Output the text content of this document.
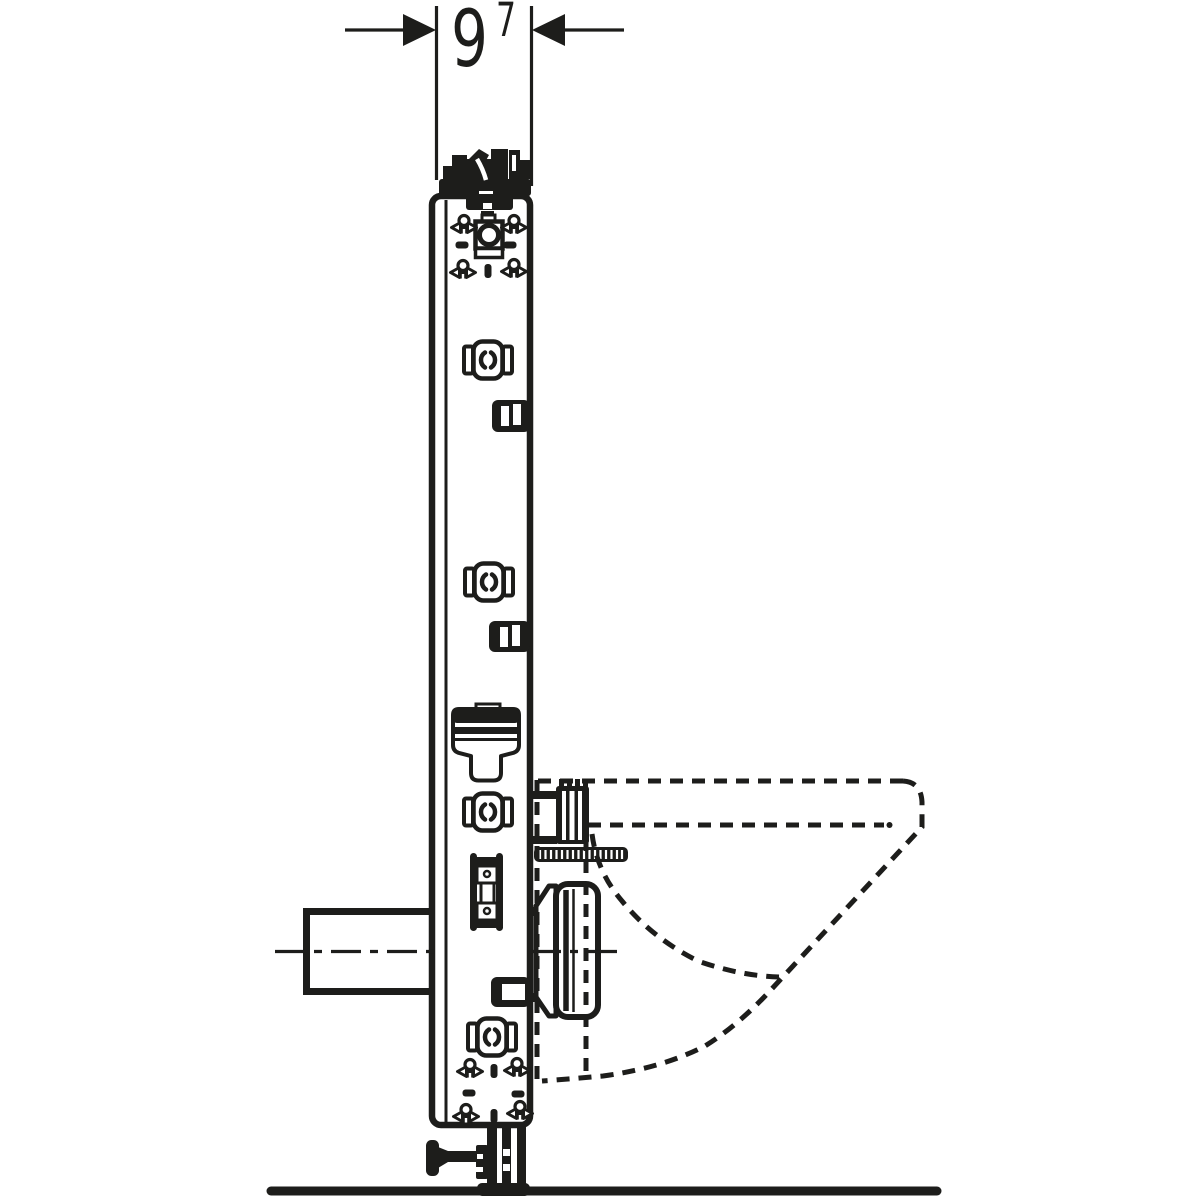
9 7
